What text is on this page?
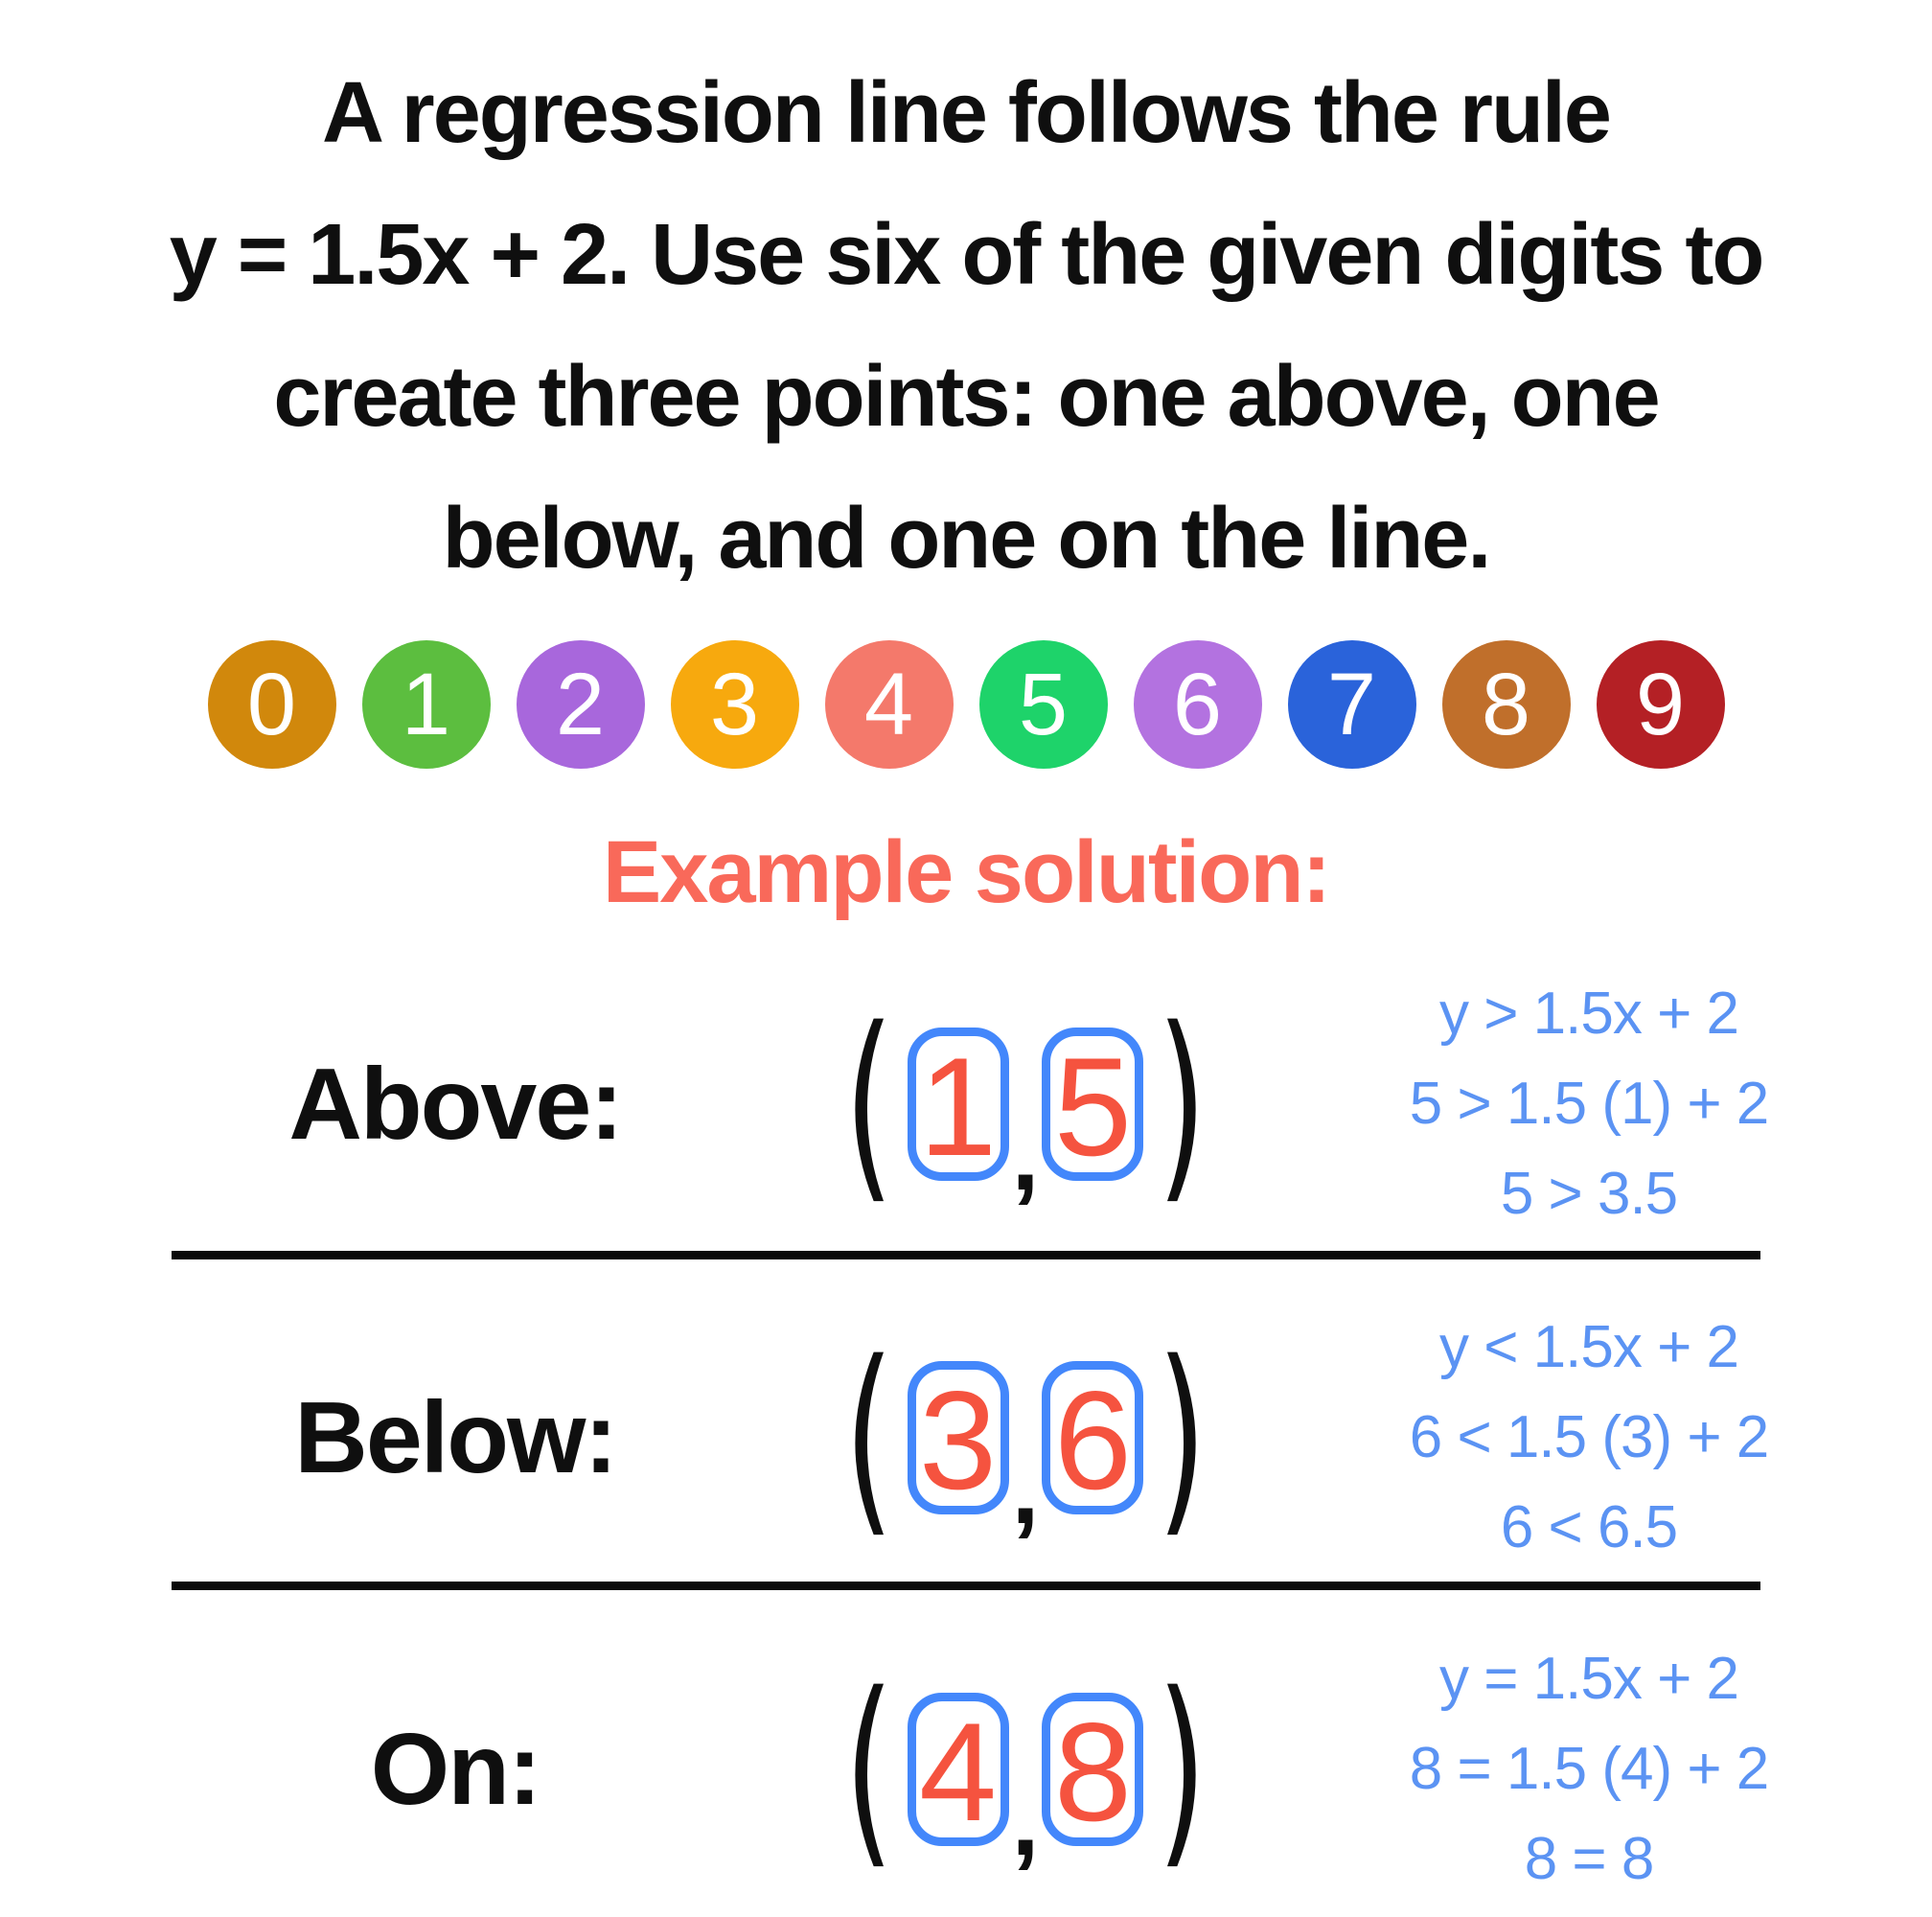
A regression line follows the rule
y = 1.5x + 2. Use six of the given digits to
create three points: one above, one
below, and one on the line.
0 1 2 3 4 5 6 7 8 9
Example solution:
Above:	( 1 , 5 )	y > 1.5x + 2
5 > 1.5 (1) + 2
5 > 3.5
Below:	( 3 , 6 )	y < 1.5x + 2
6 < 1.5 (3) + 2
6 < 6.5
On:	( 4 , 8 )	y = 1.5x + 2
8 = 1.5 (4) + 2
8 = 8
